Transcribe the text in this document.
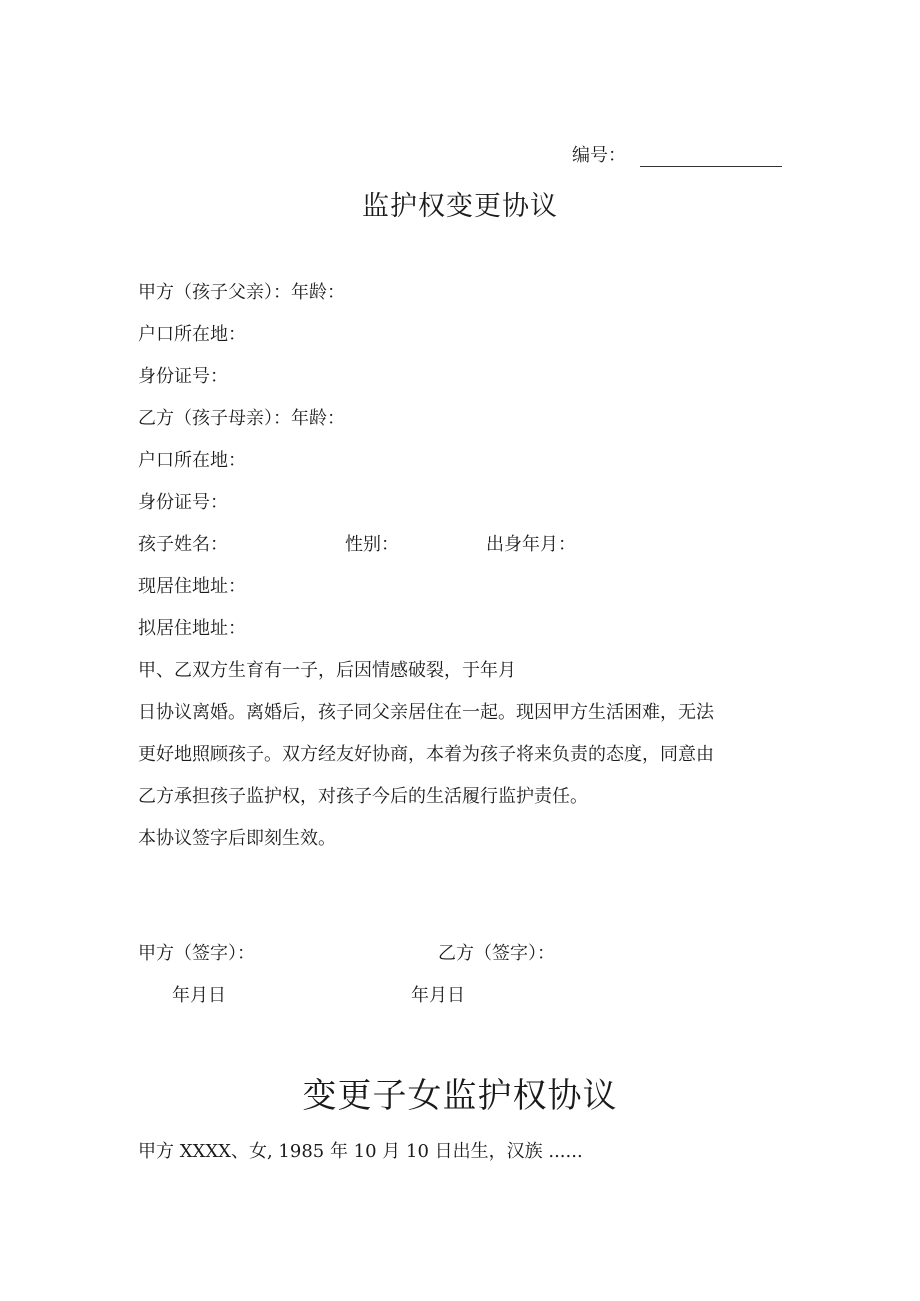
编号：
监护权变更协议
甲方（孩子父亲）：年龄：
户口所在地：
身份证号：
乙方（孩子母亲）：年龄：
户口所在地：
身份证号：
孩子姓名：	性别：	出身年月：
现居住地址：
拟居住地址：
甲、乙双方生育有一子，后因情感破裂，于年月
日协议离婚。离婚后，孩子同父亲居住在一起。现因甲方生活困难，无法
更好地照顾孩子。双方经友好协商，本着为孩子将来负责的态度，同意由
乙方承担孩子监护权，对孩子今后的生活履行监护责任。
本协议签字后即刻生效。
甲方（签字）：	乙方（签字）：
年月日	年月日
变更子女监护权协议
甲方 XXXX、女, 1985 年 10 月 10 日出生，汉族 ......
